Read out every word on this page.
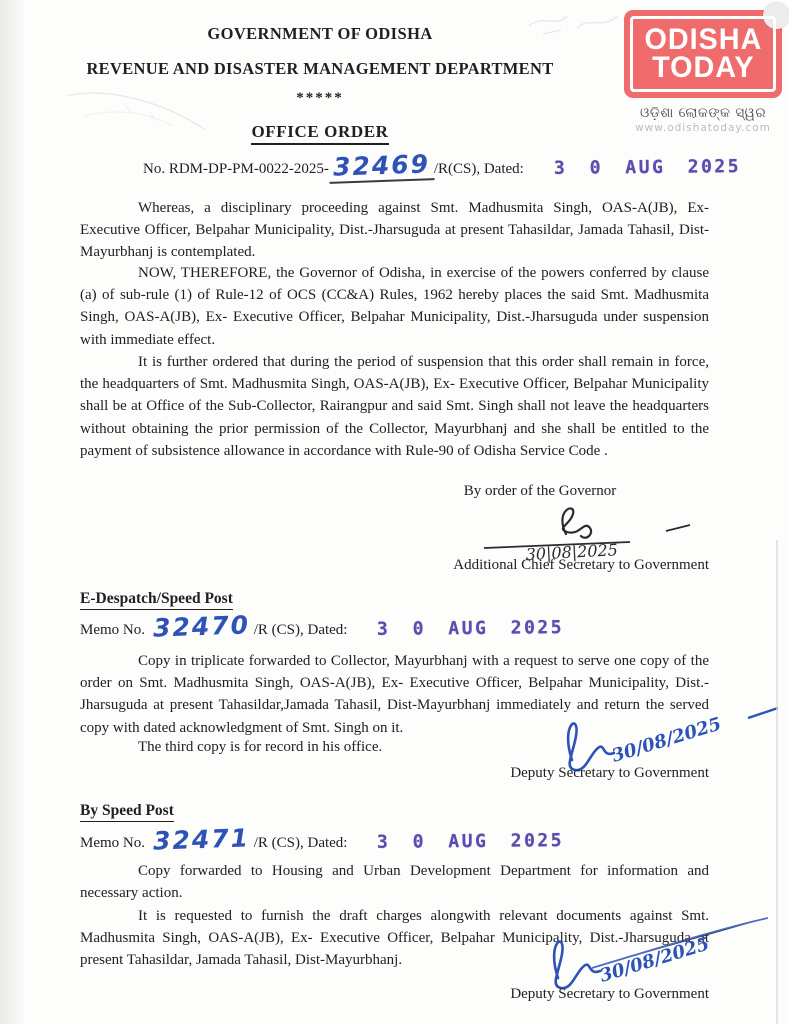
ODISHA
TODAY
ଓଡ଼ିଶା ଲୋକଙ୍କ ସ୍ୱର
www.odishatoday.com
GOVERNMENT OF ODISHA
REVENUE AND DISASTER MANAGEMENT DEPARTMENT
*****
OFFICE ORDER
No. RDM-DP-PM-0022-2025- 32469 /R(CS), Dated: 3 0 AUG 2025
Whereas, a disciplinary proceeding against Smt. Madhusmita Singh, OAS-A(JB), Ex- Executive Officer, Belpahar Municipality, Dist.-Jharsuguda at present Tahasildar, Jamada Tahasil, Dist-Mayurbhanj is contemplated.
NOW, THEREFORE, the Governor of Odisha, in exercise of the powers conferred by clause (a) of sub-rule (1) of Rule-12 of OCS (CC&A) Rules, 1962 hereby places the said Smt. Madhusmita Singh, OAS-A(JB), Ex- Executive Officer, Belpahar Municipality, Dist.-Jharsuguda under suspension with immediate effect.
It is further ordered that during the period of suspension that this order shall remain in force, the headquarters of Smt. Madhusmita Singh, OAS-A(JB), Ex- Executive Officer, Belpahar Municipality shall be at Office of the Sub-Collector, Rairangpur and said Smt. Singh shall not leave the headquarters without obtaining the prior permission of the Collector, Mayurbhanj and she shall be entitled to the payment of subsistence allowance in accordance with Rule-90 of Odisha Service Code .
By order of the Governor
30|08|2025
Additional Chief Secretary to Government
E-Despatch/Speed Post
Memo No. 32470 /R (CS), Dated: 3 0 AUG 2025
Copy in triplicate forwarded to Collector, Mayurbhanj with a request to serve one copy of the order on Smt. Madhusmita Singh, OAS-A(JB), Ex- Executive Officer, Belpahar Municipality, Dist.-Jharsuguda at present Tahasildar,Jamada Tahasil, Dist-Mayurbhanj immediately and return the served copy with dated acknowledgment of Smt. Singh on it.
The third copy is for record in his office.	30/08/2025
Deputy Secretary to Government
By Speed Post
Memo No. 32471 /R (CS), Dated: 3 0 AUG 2025
Copy forwarded to Housing and Urban Development Department for information and necessary action.
It is requested to furnish the draft charges alongwith relevant documents against Smt. Madhusmita Singh, OAS-A(JB), Ex- Executive Officer, Belpahar Municipality, Dist.-Jharsuguda at present Tahasildar, Jamada Tahasil, Dist-Mayurbhanj.	30/08/2025
Deputy Secretary to Government
